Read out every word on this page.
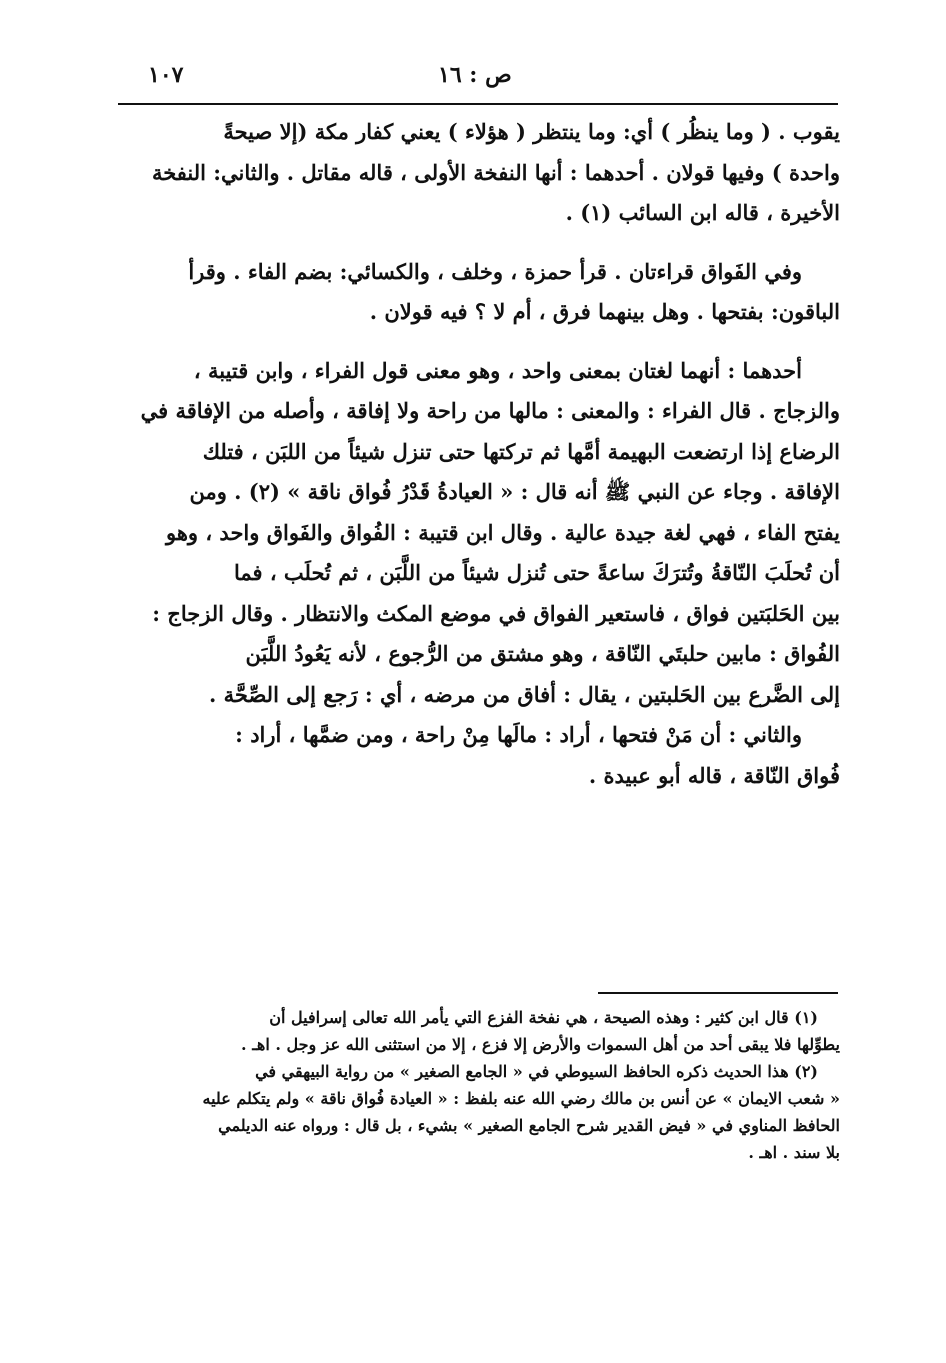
١٠٧	ص : ١٦

يقوب . ( وما ينظُر ) أي: وما ينتظر ( هؤلاء ) يعني كفار مكة (إلا صيحةً

واحدة ) وفيها قولان . أحدهما : أنها النفخة الأولى ، قاله مقاتل . والثاني: النفخة

الأخيرة ، قاله ابن السائب (١) .

وفي الفَواق قراءتان . قرأ حمزة ، وخلف ، والكسائي: بضم الفاء . وقرأ

الباقون: بفتحها . وهل بينهما فرق ، أم لا ؟ فيه قولان .

أحدهما : أنهما لغتان بمعنى واحد ، وهو معنى قول الفراء ، وابن قتيبة ،

والزجاج . قال الفراء : والمعنى : مالها من راحة ولا إفاقة ، وأصله من الإفاقة في

الرضاع إذا ارتضعت البهيمة أمَّها ثم تركتها حتى تنزل شيئاً من اللبَن ، فتلك

الإفاقة . وجاء عن النبي ﷺ أنه قال : « العيادةُ قَدْرُ فُواق ناقة » (٢) . ومن

يفتح الفاء ، فهي لغة جيدة عالية . وقال ابن قتيبة : الفُواق والفَواق واحد ، وهو

أن تُحلَبَ النّاقةُ وتُترَكَ ساعةً حتى تُنزل شيئاً من اللَّبَن ، ثم تُحلَب ، فما

بين الحَلبَتين فواق ، فاستعير الفواق في موضع المكث والانتظار . وقال الزجاج :

الفُواق : مابين حلبتَي النّاقة ، وهو مشتق من الرُّجوع ، لأنه يَعُودُ اللَّبَن

إلى الضَّرع بين الحَلبتين ، يقال : أفاق من مرضه ، أي : رَجع إلى الصِّحَّة .

والثاني : أن مَنْ فتحها ، أراد : مالَها مِنْ راحة ، ومن ضمَّها ، أراد :

فُواق النّاقة ، قاله أبو عبيدة .

(١) قال ابن كثير : وهذه الصيحة ، هي نفخة الفزع التي يأمر الله تعالى إسرافيل أن

يطوِّلها فلا يبقى أحد من أهل السموات والأرض إلا فزع ، إلا من استثنى الله عز وجل . اهـ .

(٢) هذا الحديث ذكره الحافظ السيوطي في « الجامع الصغير » من رواية البيهقي في

« شعب الايمان » عن أنس بن مالك رضي الله عنه بلفظ : « العيادة فُواق ناقة » ولم يتكلم عليه

الحافظ المناوي في « فيض القدير شرح الجامع الصغير » بشيء ، بل قال : ورواه عنه الديلمي

بلا سند . اهـ .
